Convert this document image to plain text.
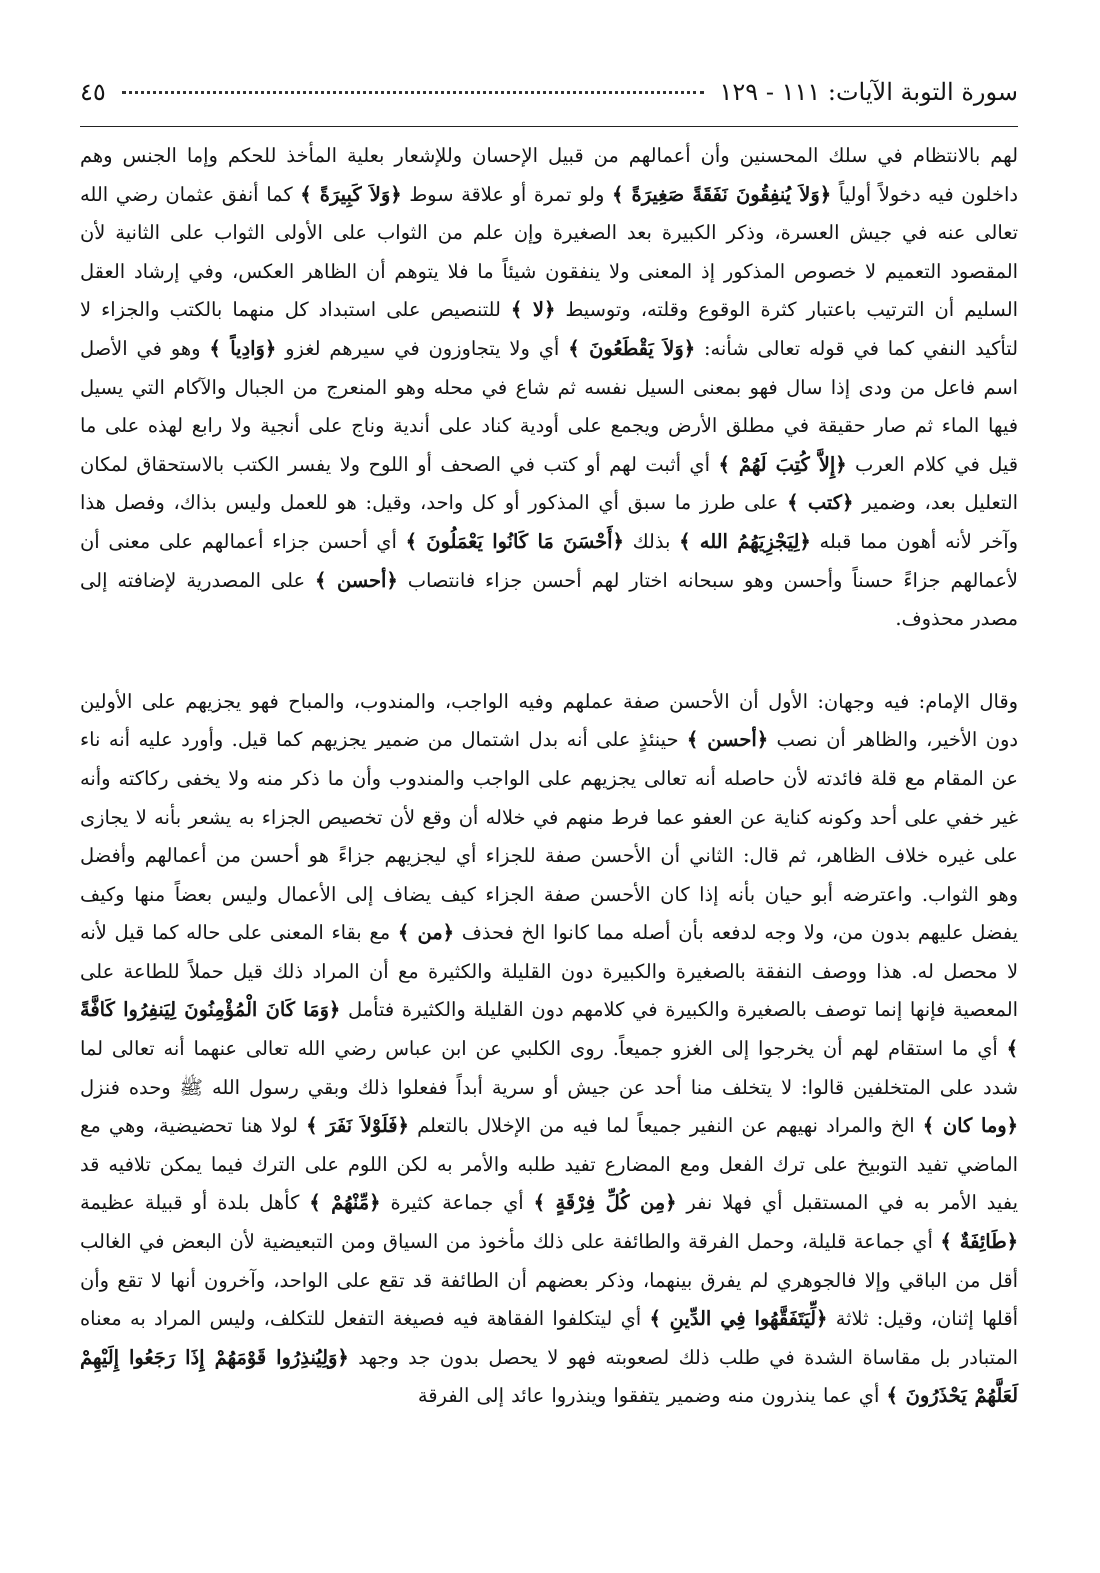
سورة التوبة الآيات: ١١١ - ١٢٩
٤٥

لهم بالانتظام في سلك المحسنين وأن أعمالهم من قبيل الإحسان وللإشعار بعلية المأخذ للحكم وإما الجنس وهم داخلون فيه دخولاً أولياً ﴿وَلاَ يُنفِقُونَ نَفَقَةً صَغِيرَةً ﴾ ولو تمرة أو علاقة سوط ﴿وَلاَ كَبِيرَةً ﴾ كما أنفق عثمان رضي الله تعالى عنه في جيش العسرة، وذكر الكبيرة بعد الصغيرة وإن علم من الثواب على الأولى الثواب على الثانية لأن المقصود التعميم لا خصوص المذكور إذ المعنى ولا ينفقون شيئاً ما فلا يتوهم أن الظاهر العكس، وفي إرشاد العقل السليم أن الترتيب باعتبار كثرة الوقوع وقلته، وتوسيط ﴿لا ﴾ للتنصيص على استبداد كل منهما بالكتب والجزاء لا لتأكيد النفي كما في قوله تعالى شأنه: ﴿وَلاَ يَقْطَعُونَ ﴾ أي ولا يتجاوزون في سيرهم لغزو ﴿وَادِياً ﴾ وهو في الأصل اسم فاعل من ودى إذا سال فهو بمعنى السيل نفسه ثم شاع في محله وهو المنعرج من الجبال والآكام التي يسيل فيها الماء ثم صار حقيقة في مطلق الأرض ويجمع على أودية كناد على أندية وناج على أنجية ولا رابع لهذه على ما قيل في كلام العرب ﴿إِلاَّ كُتِبَ لَهُمْ ﴾ أي أثبت لهم أو كتب في الصحف أو اللوح ولا يفسر الكتب بالاستحقاق لمكان التعليل بعد، وضمير ﴿كتب ﴾ على طرز ما سبق أي المذكور أو كل واحد، وقيل: هو للعمل وليس بذاك، وفصل هذا وآخر لأنه أهون مما قبله ﴿لِيَجْزِيَهُمُ الله ﴾ بذلك ﴿أَحْسَنَ مَا كَانُوا يَعْمَلُونَ ﴾ أي أحسن جزاء أعمالهم على معنى أن لأعمالهم جزاءً حسناً وأحسن وهو سبحانه اختار لهم أحسن جزاء فانتصاب ﴿أحسن ﴾ على المصدرية لإضافته إلى مصدر محذوف.

وقال الإمام: فيه وجهان: الأول أن الأحسن صفة عملهم وفيه الواجب، والمندوب، والمباح فهو يجزيهم على الأولين دون الأخير، والظاهر أن نصب ﴿أحسن ﴾ حينئذٍ على أنه بدل اشتمال من ضمير يجزيهم كما قيل. وأورد عليه أنه ناء عن المقام مع قلة فائدته لأن حاصله أنه تعالى يجزيهم على الواجب والمندوب وأن ما ذكر منه ولا يخفى ركاكته وأنه غير خفي على أحد وكونه كناية عن العفو عما فرط منهم في خلاله أن وقع لأن تخصيص الجزاء به يشعر بأنه لا يجازى على غيره خلاف الظاهر، ثم قال: الثاني أن الأحسن صفة للجزاء أي ليجزيهم جزاءً هو أحسن من أعمالهم وأفضل وهو الثواب. واعترضه أبو حيان بأنه إذا كان الأحسن صفة الجزاء كيف يضاف إلى الأعمال وليس بعضاً منها وكيف يفضل عليهم بدون من، ولا وجه لدفعه بأن أصله مما كانوا الخ فحذف ﴿من ﴾ مع بقاء المعنى على حاله كما قيل لأنه لا محصل له. هذا ووصف النفقة بالصغيرة والكبيرة دون القليلة والكثيرة مع أن المراد ذلك قيل حملاً للطاعة على المعصية فإنها إنما توصف بالصغيرة والكبيرة في كلامهم دون القليلة والكثيرة فتأمل ﴿وَمَا كَانَ الْمُؤْمِنُونَ لِيَنفِرُوا كَافَّةً ﴾ أي ما استقام لهم أن يخرجوا إلى الغزو جميعاً. روى الكلبي عن ابن عباس رضي الله تعالى عنهما أنه تعالى لما شدد على المتخلفين قالوا: لا يتخلف منا أحد عن جيش أو سرية أبداً ففعلوا ذلك وبقي رسول الله ﷺ وحده فنزل ﴿وما كان ﴾ الخ والمراد نهيهم عن النفير جميعاً لما فيه من الإخلال بالتعلم ﴿فَلَوْلاَ نَفَرَ ﴾ لولا هنا تحضيضية، وهي مع الماضي تفيد التوبيخ على ترك الفعل ومع المضارع تفيد طلبه والأمر به لكن اللوم على الترك فيما يمكن تلافيه قد يفيد الأمر به في المستقبل أي فهلا نفر ﴿مِن كُلِّ فِرْقَةٍ ﴾ أي جماعة كثيرة ﴿مِّنْهُمْ ﴾ كأهل بلدة أو قبيلة عظيمة ﴿طَائِفَةٌ ﴾ أي جماعة قليلة، وحمل الفرقة والطائفة على ذلك مأخوذ من السياق ومن التبعيضية لأن البعض في الغالب أقل من الباقي وإلا فالجوهري لم يفرق بينهما، وذكر بعضهم أن الطائفة قد تقع على الواحد، وآخرون أنها لا تقع وأن أقلها إثنان، وقيل: ثلاثة ﴿لِّيَتَفَقَّهُوا فِي الدِّينِ ﴾ أي ليتكلفوا الفقاهة فيه فصيغة التفعل للتكلف، وليس المراد به معناه المتبادر بل مقاساة الشدة في طلب ذلك لصعوبته فهو لا يحصل بدون جد وجهد ﴿وَلِيُنذِرُوا قَوْمَهُمْ إِذَا رَجَعُوا إِلَيْهِمْ لَعَلَّهُمْ يَحْذَرُونَ ﴾ أي عما ينذرون منه وضمير يتفقوا وينذروا عائد إلى الفرقة
